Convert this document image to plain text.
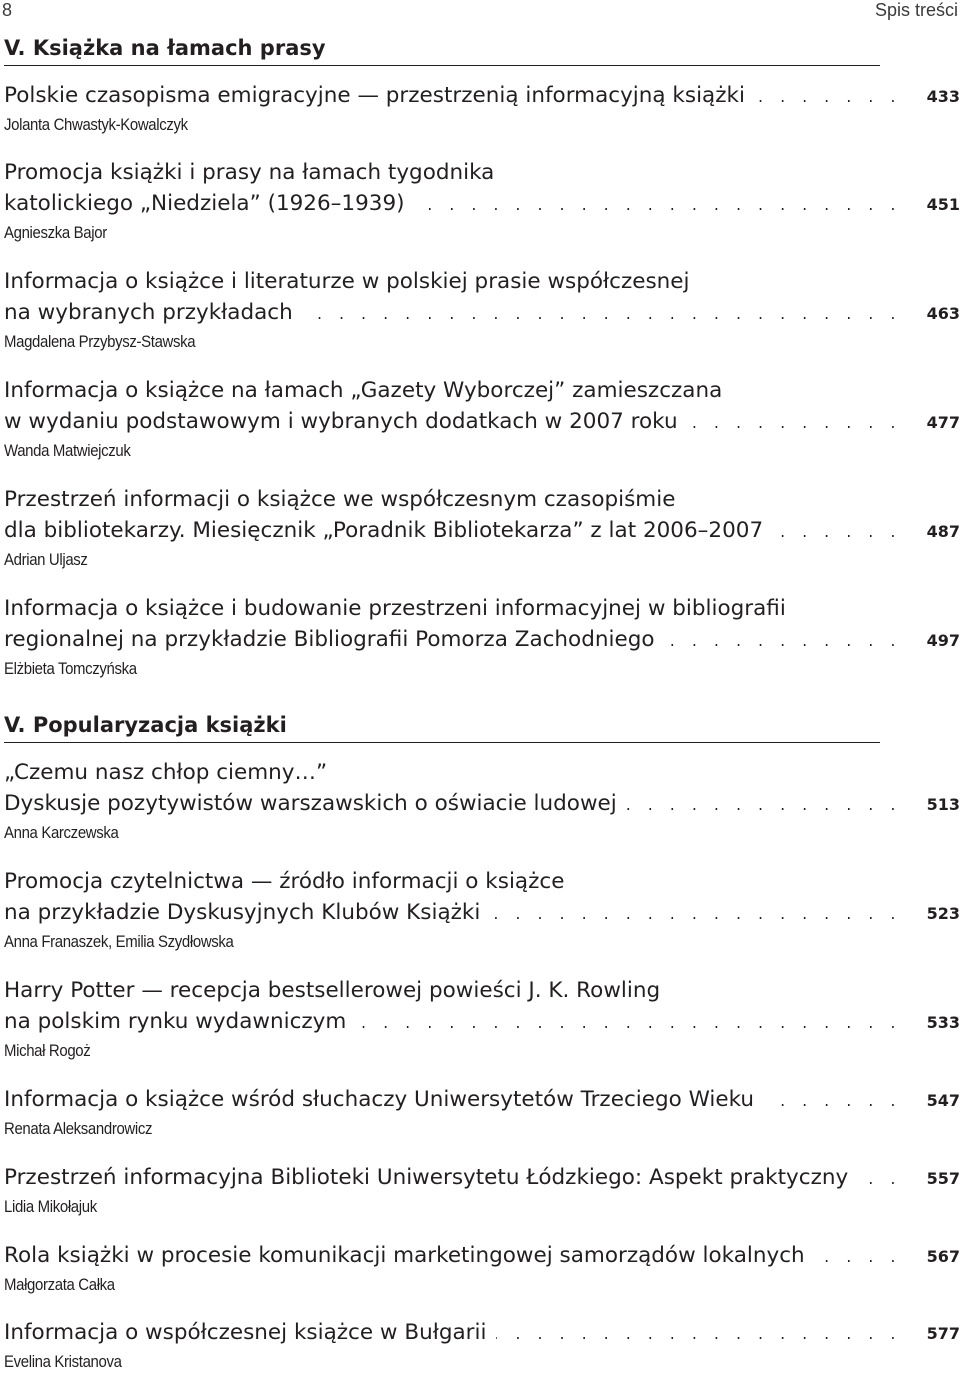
8	Spis treści
V. Książka na łamach prasy
Polskie czasopisma emigracyjne — przestrzenią informacyjną książki . . .	433
Jolanta Chwastyk-Kowalczyk
Promocja książki i prasy na łamach tygodnika
katolickiego „Niedziela” (1926–1939) . . .	451
Agnieszka Bajor
Informacja o książce i literaturze w polskiej prasie współczesnej
na wybranych przykładach . . .	463
Magdalena Przybysz-Stawska
Informacja o książce na łamach „Gazety Wyborczej” zamieszczana
w wydaniu podstawowym i wybranych dodatkach w 2007 roku . . .	477
Wanda Matwiejczuk
Przestrzeń informacji o książce we współczesnym czasopiśmie
dla bibliotekarzy. Miesięcznik „Poradnik Bibliotekarza” z lat 2006–2007 . . .	487
Adrian Uljasz
Informacja o książce i budowanie przestrzeni informacyjnej w bibliografii
regionalnej na przykładzie Bibliografii Pomorza Zachodniego . . .	497
Elżbieta Tomczyńska
V. Popularyzacja książki
„Czemu nasz chłop ciemny…”
Dyskusje pozytywistów warszawskich o oświacie ludowej . . .	513
Anna Karczewska
Promocja czytelnictwa — źródło informacji o książce
na przykładzie Dyskusyjnych Klubów Książki . . .	523
Anna Franaszek, Emilia Szydłowska
Harry Potter — recepcja bestsellerowej powieści J. K. Rowling
na polskim rynku wydawniczym . . .	533
Michał Rogoż
Informacja o książce wśród słuchaczy Uniwersytetów Trzeciego Wieku . . .	547
Renata Aleksandrowicz
Przestrzeń informacyjna Biblioteki Uniwersytetu Łódzkiego: Aspekt praktyczny . . .	557
Lidia Mikołajuk
Rola książki w procesie komunikacji marketingowej samorządów lokalnych . . .	567
Małgorzata Całka
Informacja o współczesnej książce w Bułgarii . . .	577
Evelina Kristanova
